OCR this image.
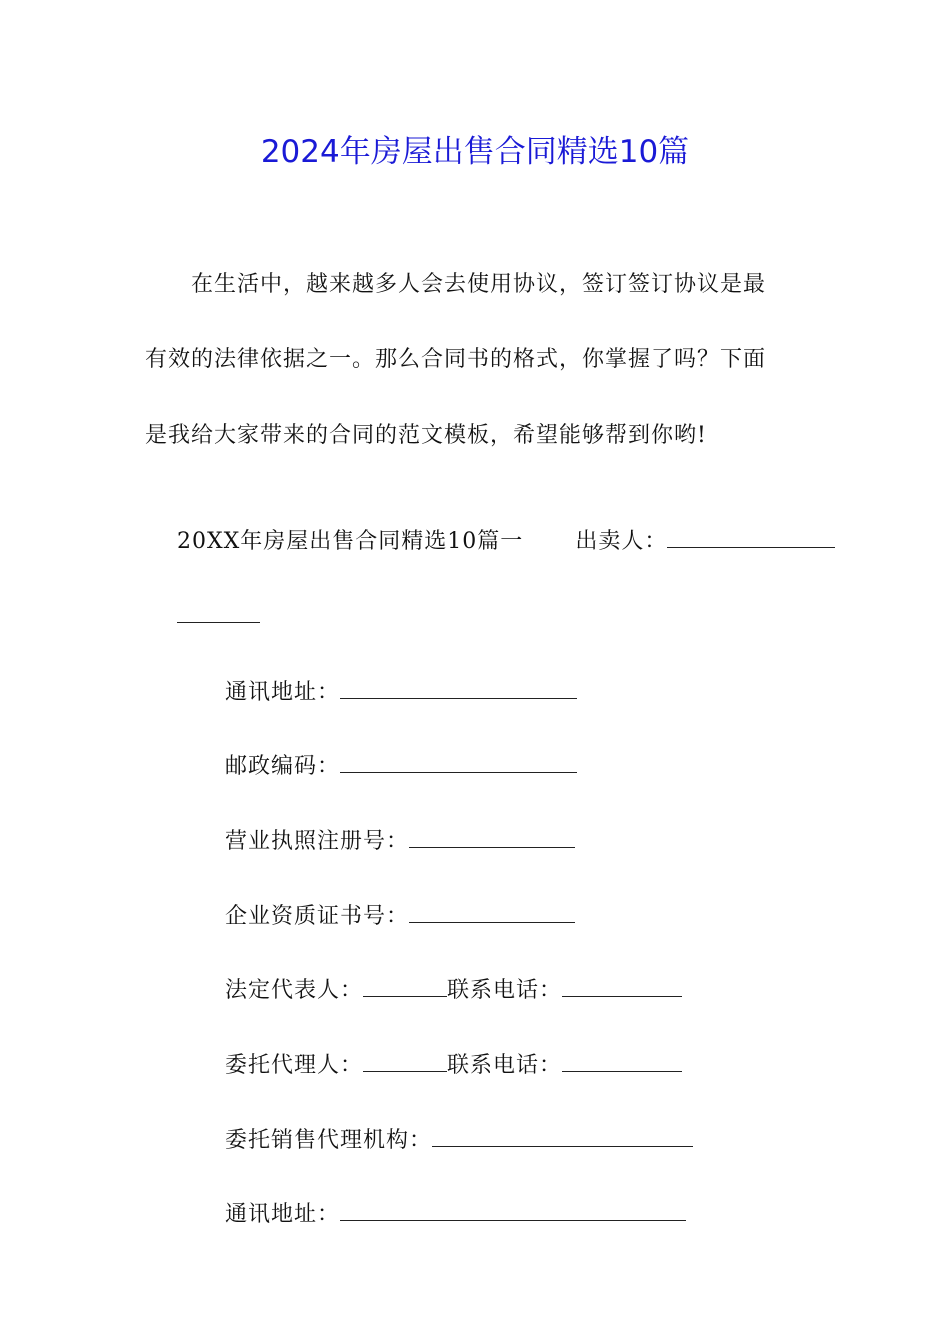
2024年房屋出售合同精选10篇
　　在生活中，越来越多人会去使用协议，签订签订协议是最
有效的法律依据之一。那么合同书的格式，你掌握了吗？下面
是我给大家带来的合同的范文模板，希望能够帮到你哟!

20XX年房屋出售合同精选10篇一 出卖人：

通讯地址：

邮政编码：

营业执照注册号：

企业资质证书号：

法定代表人：	联系电话：

委托代理人：	联系电话：

委托销售代理机构：

通讯地址：
